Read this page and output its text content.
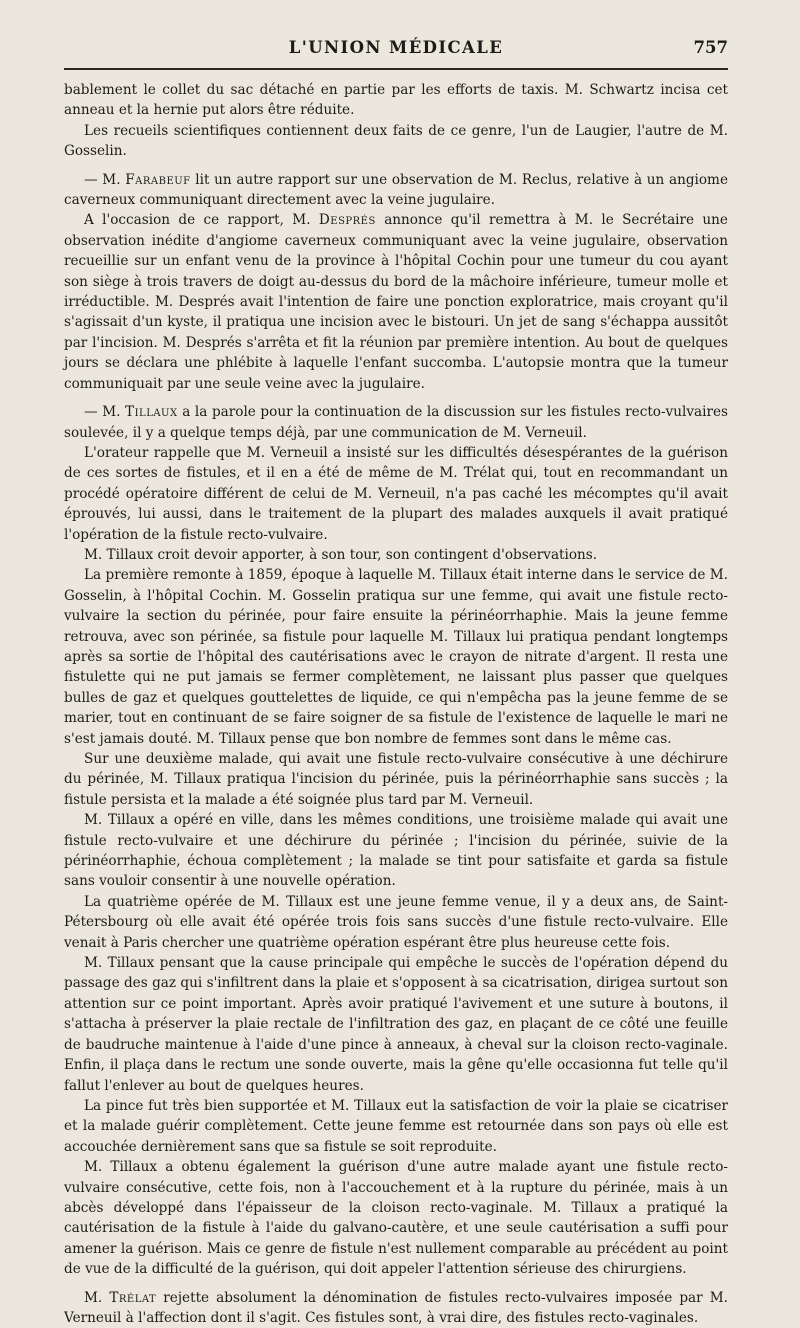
L'UNION MÉDICALE	757

bablement le collet du sac détaché en partie par les efforts de taxis. M. Schwartz incisa cet anneau et la hernie put alors être réduite.

Les recueils scientifiques contiennent deux faits de ce genre, l'un de Laugier, l'autre de M. Gosselin.

— M. Farabeuf lit un autre rapport sur une observation de M. Reclus, relative à un angiome caverneux communiquant directement avec la veine jugulaire.

A l'occasion de ce rapport, M. Després annonce qu'il remettra à M. le Secrétaire une observation inédite d'angiome caverneux communiquant avec la veine jugulaire, observation recueillie sur un enfant venu de la province à l'hôpital Cochin pour une tumeur du cou ayant son siège à trois travers de doigt au-dessus du bord de la mâchoire inférieure, tumeur molle et irréductible. M. Després avait l'intention de faire une ponction exploratrice, mais croyant qu'il s'agissait d'un kyste, il pratiqua une incision avec le bistouri. Un jet de sang s'échappa aussitôt par l'incision. M. Després s'arrêta et fit la réunion par première intention. Au bout de quelques jours se déclara une phlébite à laquelle l'enfant succomba. L'autopsie montra que la tumeur communiquait par une seule veine avec la jugulaire.

— M. Tillaux a la parole pour la continuation de la discussion sur les fistules recto-vulvaires soulevée, il y a quelque temps déjà, par une communication de M. Verneuil.

L'orateur rappelle que M. Verneuil a insisté sur les difficultés désespérantes de la guérison de ces sortes de fistules, et il en a été de même de M. Trélat qui, tout en recommandant un procédé opératoire différent de celui de M. Verneuil, n'a pas caché les mécomptes qu'il avait éprouvés, lui aussi, dans le traitement de la plupart des malades auxquels il avait pratiqué l'opération de la fistule recto-vulvaire.

M. Tillaux croit devoir apporter, à son tour, son contingent d'observations.

La première remonte à 1859, époque à laquelle M. Tillaux était interne dans le service de M. Gosselin, à l'hôpital Cochin. M. Gosselin pratiqua sur une femme, qui avait une fistule recto-vulvaire la section du périnée, pour faire ensuite la périnéorrhaphie. Mais la jeune femme retrouva, avec son périnée, sa fistule pour laquelle M. Tillaux lui pratiqua pendant longtemps après sa sortie de l'hôpital des cautérisations avec le crayon de nitrate d'argent. Il resta une fistulette qui ne put jamais se fermer complètement, ne laissant plus passer que quelques bulles de gaz et quelques gouttelettes de liquide, ce qui n'empêcha pas la jeune femme de se marier, tout en continuant de se faire soigner de sa fistule de l'existence de laquelle le mari ne s'est jamais douté. M. Tillaux pense que bon nombre de femmes sont dans le même cas.

Sur une deuxième malade, qui avait une fistule recto-vulvaire consécutive à une déchirure du périnée, M. Tillaux pratiqua l'incision du périnée, puis la périnéorrhaphie sans succès ; la fistule persista et la malade a été soignée plus tard par M. Verneuil.

M. Tillaux a opéré en ville, dans les mêmes conditions, une troisième malade qui avait une fistule recto-vulvaire et une déchirure du périnée ; l'incision du périnée, suivie de la périnéorrhaphie, échoua complètement ; la malade se tint pour satisfaite et garda sa fistule sans vouloir consentir à une nouvelle opération.

La quatrième opérée de M. Tillaux est une jeune femme venue, il y a deux ans, de Saint-Pétersbourg où elle avait été opérée trois fois sans succès d'une fistule recto-vulvaire. Elle venait à Paris chercher une quatrième opération espérant être plus heureuse cette fois.

M. Tillaux pensant que la cause principale qui empêche le succès de l'opération dépend du passage des gaz qui s'infiltrent dans la plaie et s'opposent à sa cicatrisation, dirigea surtout son attention sur ce point important. Après avoir pratiqué l'avivement et une suture à boutons, il s'attacha à préserver la plaie rectale de l'infiltration des gaz, en plaçant de ce côté une feuille de baudruche maintenue à l'aide d'une pince à anneaux, à cheval sur la cloison recto-vaginale. Enfin, il plaça dans le rectum une sonde ouverte, mais la gêne qu'elle occasionna fut telle qu'il fallut l'enlever au bout de quelques heures.

La pince fut très bien supportée et M. Tillaux eut la satisfaction de voir la plaie se cicatriser et la malade guérir complètement. Cette jeune femme est retournée dans son pays où elle est accouchée dernièrement sans que sa fistule se soit reproduite.

M. Tillaux a obtenu également la guérison d'une autre malade ayant une fistule recto-vulvaire consécutive, cette fois, non à l'accouchement et à la rupture du périnée, mais à un abcès développé dans l'épaisseur de la cloison recto-vaginale. M. Tillaux a pratiqué la cautérisation de la fistule à l'aide du galvano-cautère, et une seule cautérisation a suffi pour amener la guérison. Mais ce genre de fistule n'est nullement comparable au précédent au point de vue de la difficulté de la guérison, qui doit appeler l'attention sérieuse des chirurgiens.

M. Trélat rejette absolument la dénomination de fistules recto-vulvaires imposée par M. Verneuil à l'affection dont il s'agit. Ces fistules sont, à vrai dire, des fistules recto-vaginales.
